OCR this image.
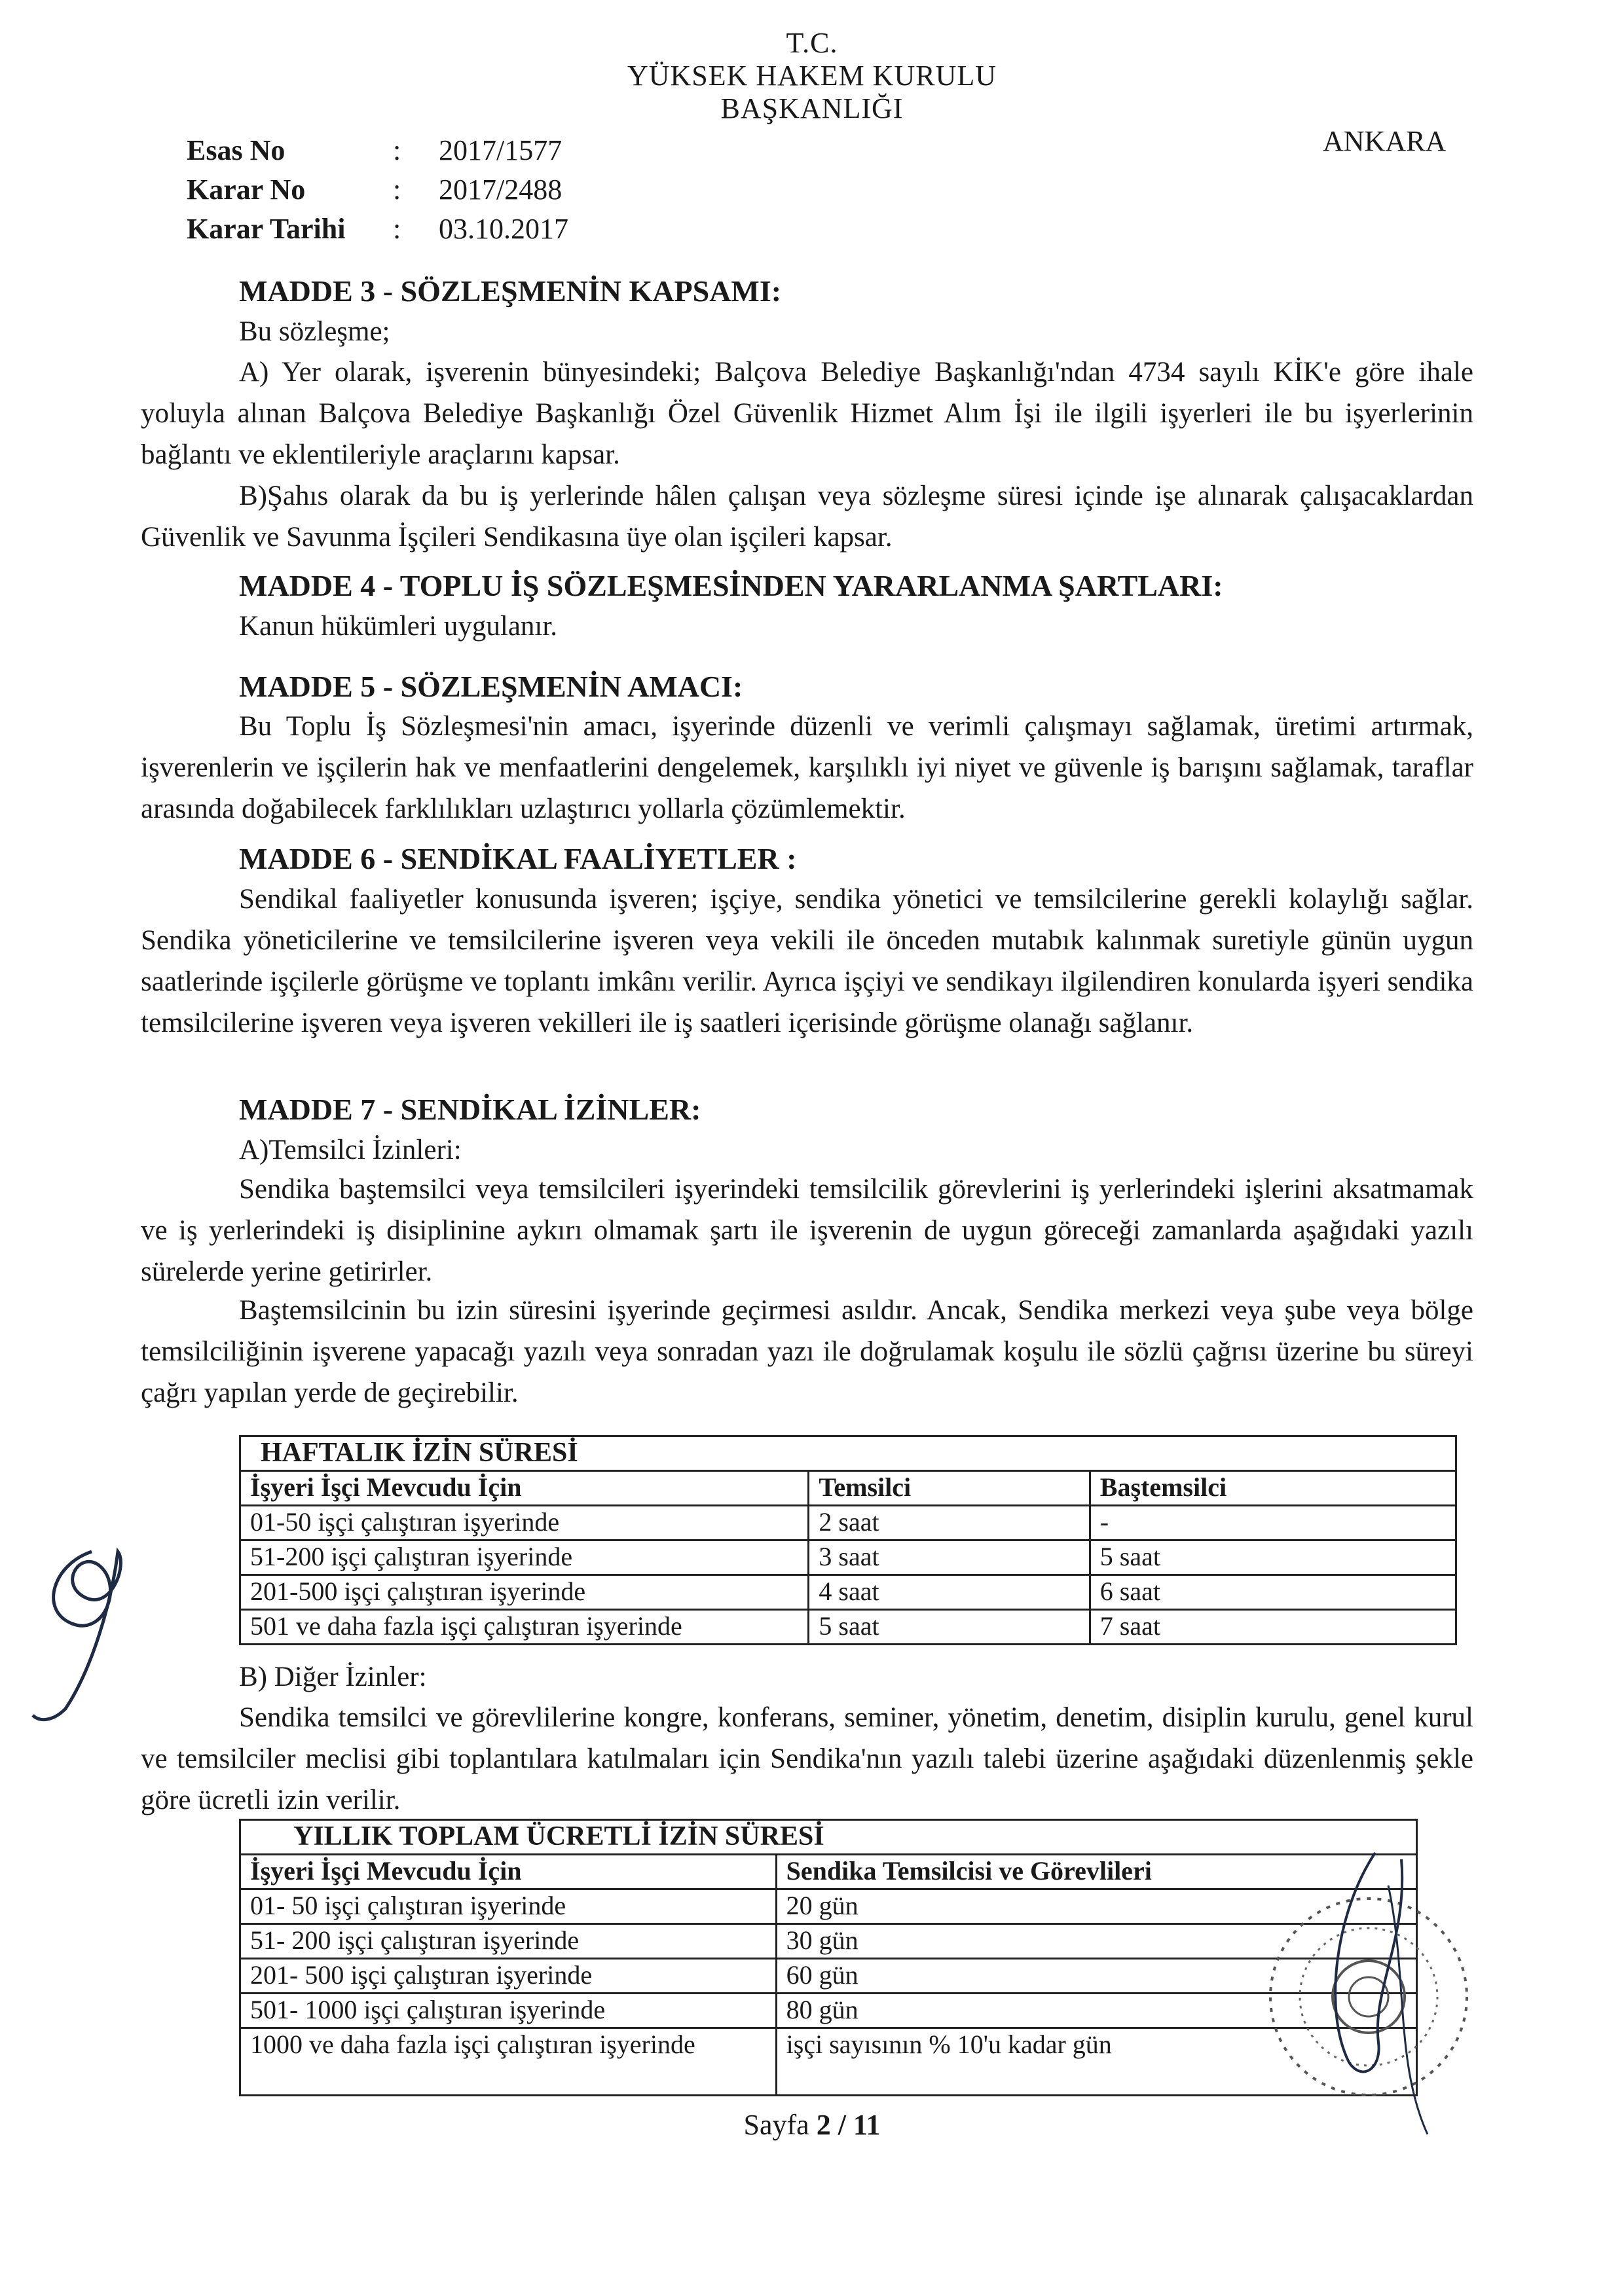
T.C.
YÜKSEK HAKEM KURULU
BAŞKANLIĞI
ANKARA
Esas No	: 2017/1577
Karar No	: 2017/2488
Karar Tarihi : 03.10.2017
MADDE 3 - SÖZLEŞMENİN KAPSAMI:

Bu sözleşme;

A) Yer olarak, işverenin bünyesindeki; Balçova Belediye Başkanlığı'ndan 4734 sayılı KİK'e göre ihale yoluyla alınan Balçova Belediye Başkanlığı Özel Güvenlik Hizmet Alım İşi ile ilgili işyerleri ile bu işyerlerinin bağlantı ve eklentileriyle araçlarını kapsar.

B)Şahıs olarak da bu iş yerlerinde hâlen çalışan veya sözleşme süresi içinde işe alınarak çalışacaklardan Güvenlik ve Savunma İşçileri Sendikasına üye olan işçileri kapsar.

MADDE 4 - TOPLU İŞ SÖZLEŞMESİNDEN YARARLANMA ŞARTLARI:

Kanun hükümleri uygulanır.

MADDE 5 - SÖZLEŞMENİN AMACI:

Bu Toplu İş Sözleşmesi'nin amacı, işyerinde düzenli ve verimli çalışmayı sağlamak, üretimi artırmak, işverenlerin ve işçilerin hak ve menfaatlerini dengelemek, karşılıklı iyi niyet ve güvenle iş barışını sağlamak, taraflar arasında doğabilecek farklılıkları uzlaştırıcı yollarla çözümlemektir.

MADDE 6 - SENDİKAL FAALİYETLER :

Sendikal faaliyetler konusunda işveren; işçiye, sendika yönetici ve temsilcilerine gerekli kolaylığı sağlar. Sendika yöneticilerine ve temsilcilerine işveren veya vekili ile önceden mutabık kalınmak suretiyle günün uygun saatlerinde işçilerle görüşme ve toplantı imkânı verilir. Ayrıca işçiyi ve sendikayı ilgilendiren konularda işyeri sendika temsilcilerine işveren veya işveren vekilleri ile iş saatleri içerisinde görüşme olanağı sağlanır.

MADDE 7 - SENDİKAL İZİNLER:

A)Temsilci İzinleri:

Sendika baştemsilci veya temsilcileri işyerindeki temsilcilik görevlerini iş yerlerindeki işlerini aksatmamak ve iş yerlerindeki iş disiplinine aykırı olmamak şartı ile işverenin de uygun göreceği zamanlarda aşağıdaki yazılı sürelerde yerine getirirler.

Baştemsilcinin bu izin süresini işyerinde geçirmesi asıldır. Ancak, Sendika merkezi veya şube veya bölge temsilciliğinin işverene yapacağı yazılı veya sonradan yazı ile doğrulamak koşulu ile sözlü çağrısı üzerine bu süreyi çağrı yapılan yerde de geçirebilir.

HAFTALIK İZİN SÜRESİ		
İşyeri İşçi Mevcudu İçin	Temsilci	Baştemsilci
01-50 işçi çalıştıran işyerinde	2 saat	-
51-200 işçi çalıştıran işyerinde	3 saat	5 saat
201-500 işçi çalıştıran işyerinde	4 saat	6 saat
501 ve daha fazla işçi çalıştıran işyerinde	5 saat	7 saat

B) Diğer İzinler:

Sendika temsilci ve görevlilerine kongre, konferans, seminer, yönetim, denetim, disiplin kurulu, genel kurul ve temsilciler meclisi gibi toplantılara katılmaları için Sendika'nın yazılı talebi üzerine aşağıdaki düzenlenmiş şekle göre ücretli izin verilir.

YILLIK TOPLAM ÜCRETLİ İZİN SÜRESİ	
İşyeri İşçi Mevcudu İçin	Sendika Temsilcisi ve Görevlileri
01- 50 işçi çalıştıran işyerinde	20 gün
51- 200 işçi çalıştıran işyerinde	30 gün
201- 500 işçi çalıştıran işyerinde	60 gün
501- 1000 işçi çalıştıran işyerinde	80 gün
1000 ve daha fazla işçi çalıştıran işyerinde	işçi sayısının % 10'u kadar gün
Sayfa 2 / 11
